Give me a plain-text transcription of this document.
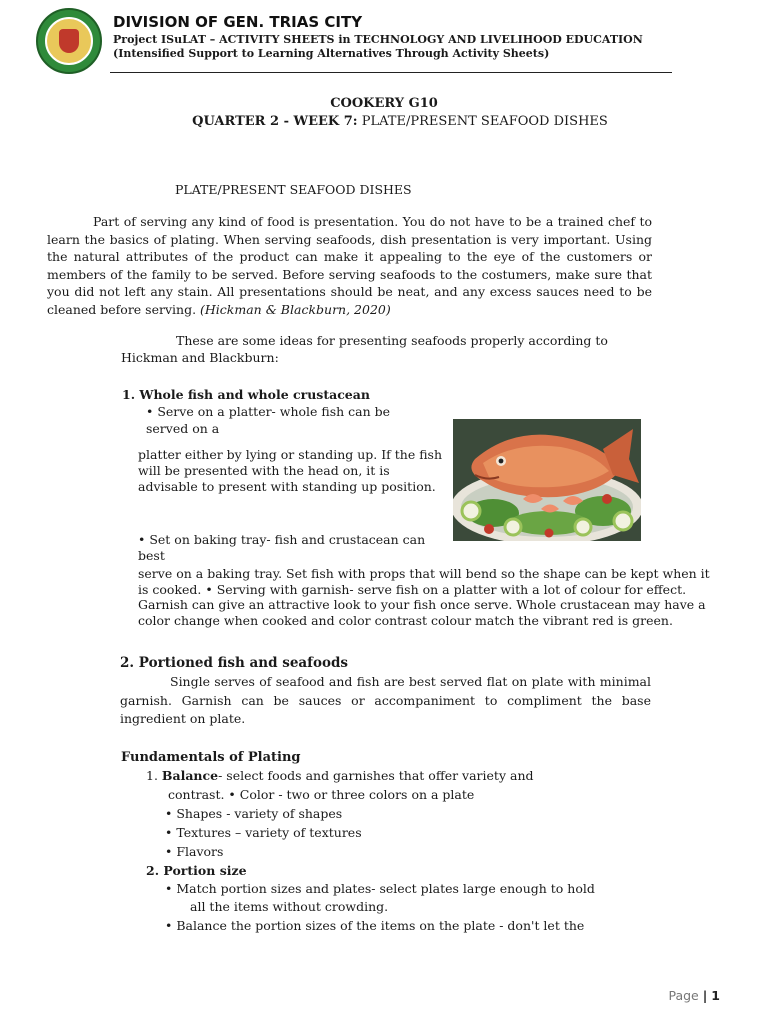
DIVISION OF GEN. TRIAS CITY
Project ISuLAT – ACTIVITY SHEETS in TECHNOLOGY AND LIVELIHOOD EDUCATION
(Intensified Support to Learning Alternatives Through Activity Sheets)
COOKERY G10
QUARTER 2 - WEEK 7: PLATE/PRESENT SEAFOOD DISHES
PLATE/PRESENT SEAFOOD DISHES
Part of serving any kind of food is presentation. You do not have to be a trained chef to learn the basics of plating. When serving seafoods, dish presentation is very important. Using the natural attributes of the product can make it appealing to the eye of the customers or members of the family to be served. Before serving seafoods to the costumers, make sure that you did not left any stain. All presentations should be neat, and any excess sauces need to be cleaned before serving. (Hickman & Blackburn, 2020)
These are some ideas for presenting seafoods properly according to Hickman and Blackburn:
1. Whole fish and whole crustacean
• Serve on a platter- whole fish can be served on a
platter either by lying or standing up. If the fish will be presented with the head on, it is advisable to present with standing up position.
• Set on baking tray- fish and crustacean can best
serve on a baking tray. Set fish with props that will bend so the shape can be kept when it is cooked. • Serving with garnish- serve fish on a platter with a lot of colour for effect. Garnish can give an attractive look to your fish once serve. Whole crustacean may have a color change when cooked and color contrast colour match the vibrant red is green.
2. Portioned fish and seafoods
Single serves of seafood and fish are best served flat on plate with minimal garnish. Garnish can be sauces or accompaniment to compliment the base ingredient on plate.
Fundamentals of Plating
1. Balance- select foods and garnishes that offer variety and
contrast. • Color - two or three colors on a plate
• Shapes - variety of shapes
• Textures – variety of textures
• Flavors
2. Portion size
• Match portion sizes and plates- select plates large enough to hold
all the items without crowding.
• Balance the portion sizes of the items on the plate - don't let the
Page | 1
